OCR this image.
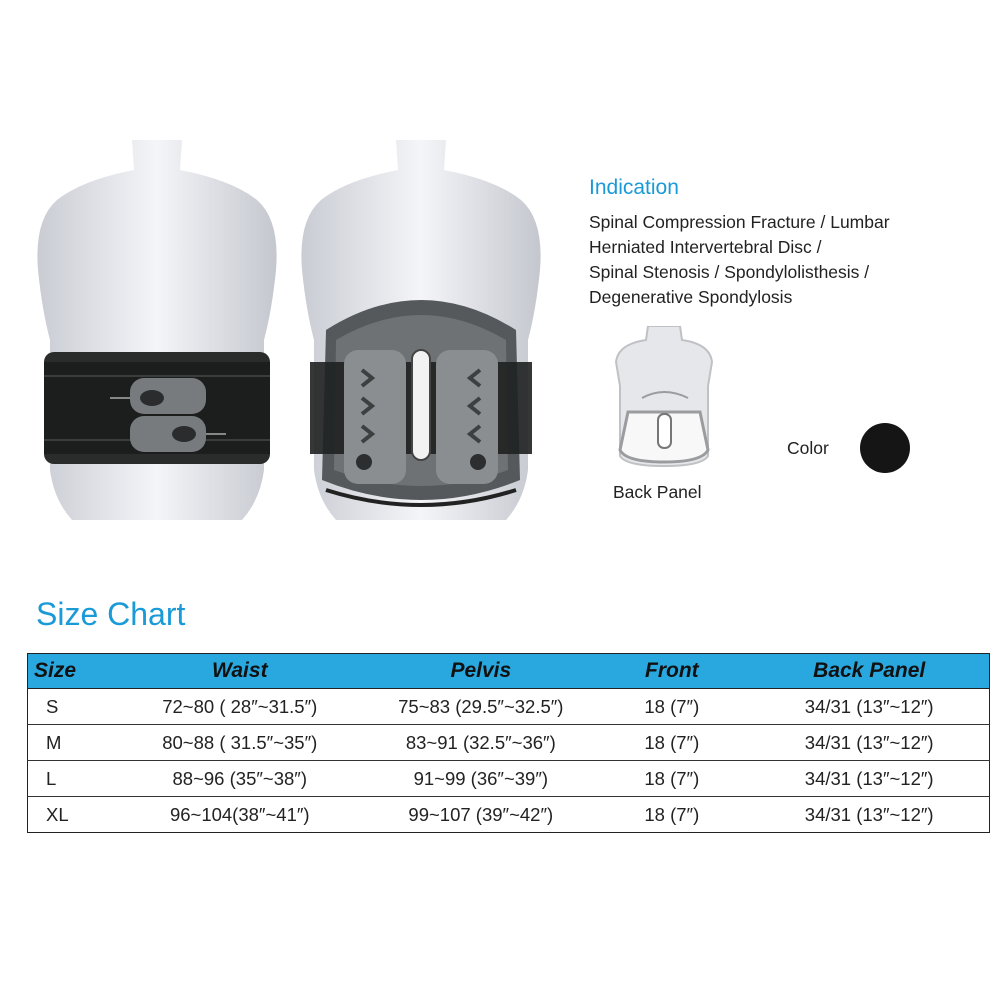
Indication
Spinal Compression Fracture / Lumbar
Herniated Intervertebral Disc /
Spinal Stenosis / Spondylolisthesis /
Degenerative Spondylosis
Back Panel
Color
Size Chart
Size	Waist	Pelvis	Front	Back Panel
S	72~80 ( 28″~31.5″)	75~83 (29.5″~32.5″)	18 (7″)	34/31 (13″~12″)
M	80~88 ( 31.5″~35″)	83~91 (32.5″~36″)	18 (7″)	34/31 (13″~12″)
L	88~96 (35″~38″)	91~99 (36″~39″)	18 (7″)	34/31 (13″~12″)
XL	96~104(38″~41″)	99~107 (39″~42″)	18 (7″)	34/31 (13″~12″)
